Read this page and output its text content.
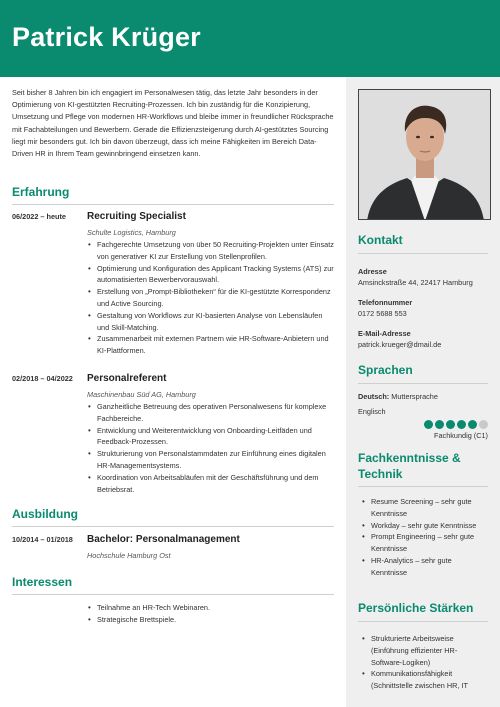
Patrick Krüger

Seit bisher 8 Jahren bin ich engagiert im Personalwesen tätig, das letzte Jahr besonders in der Optimierung von KI-gestützten Recruiting-Prozessen. Ich bin zuständig für die Konzipierung, Umsetzung und Pflege von modernen HR-Workflows und bleibe immer in freundlicher Rücksprache mit Fachabteilungen und Bewerbern. Gerade die Effizienzsteigerung durch AI-gestütztes Sourcing liegt mir besonders gut. Ich bin davon überzeugt, dass ich meine Fähigkeiten im Bereich Data-Driven HR in Ihrem Team gewinnbringend einsetzen kann.

Erfahrung
06/2022 – heute	Recruiting Specialist
Schulte Logistics, Hamburg
• Fachgerechte Umsetzung von über 50 Recruiting-Projekten unter Einsatz von generativer KI zur Erstellung von Stellenprofilen.
• Optimierung und Konfiguration des Applicant Tracking Systems (ATS) zur automatisierten Bewerbervorauswahl.
• Erstellung von „Prompt-Bibliotheken“ für die KI-gestützte Korrespondenz und Active Sourcing.
• Gestaltung von Workflows zur KI-basierten Analyse von Lebensläufen und Skill-Matching.
• Zusammenarbeit mit externen Partnern wie HR-Software-Anbietern und KI-Plattformen.
02/2018 – 04/2022	Personalreferent
Maschinenbau Süd AG, Hamburg
• Ganzheitliche Betreuung des operativen Personalwesens für komplexe Fachbereiche.
• Entwicklung und Weiterentwicklung von Onboarding-Leitfäden und Feedback-Prozessen.
• Strukturierung von Personalstammdaten zur Einführung eines digitalen HR-Managementsystems.
• Koordination von Arbeitsabläufen mit der Geschäftsführung und dem Betriebsrat.
Ausbildung
10/2014 – 01/2018	Bachelor: Personalmanagement
Hochschule Hamburg Ost
Interessen
• Teilnahme an HR-Tech Webinaren.
• Strategische Brettspiele.
Kontakt
Adresse
Amsinckstraße 44, 22417 Hamburg
Telefonnummer
0172 5688 553
E-Mail-Adresse
patrick.krueger@dmail.de
Sprachen
Deutsch: Muttersprache
Englisch
Fachkundig (C1)
Fachkenntnisse & Technik
• Resume Screening – sehr gute Kenntnisse
• Workday – sehr gute Kenntnisse
• Prompt Engineering – sehr gute Kenntnisse
• HR-Analytics – sehr gute Kenntnisse
Persönliche Stärken
• Strukturierte Arbeitsweise (Einführung effizienter HR-Software-Logiken)
• Kommunikationsfähigkeit (Schnittstelle zwischen HR, IT
